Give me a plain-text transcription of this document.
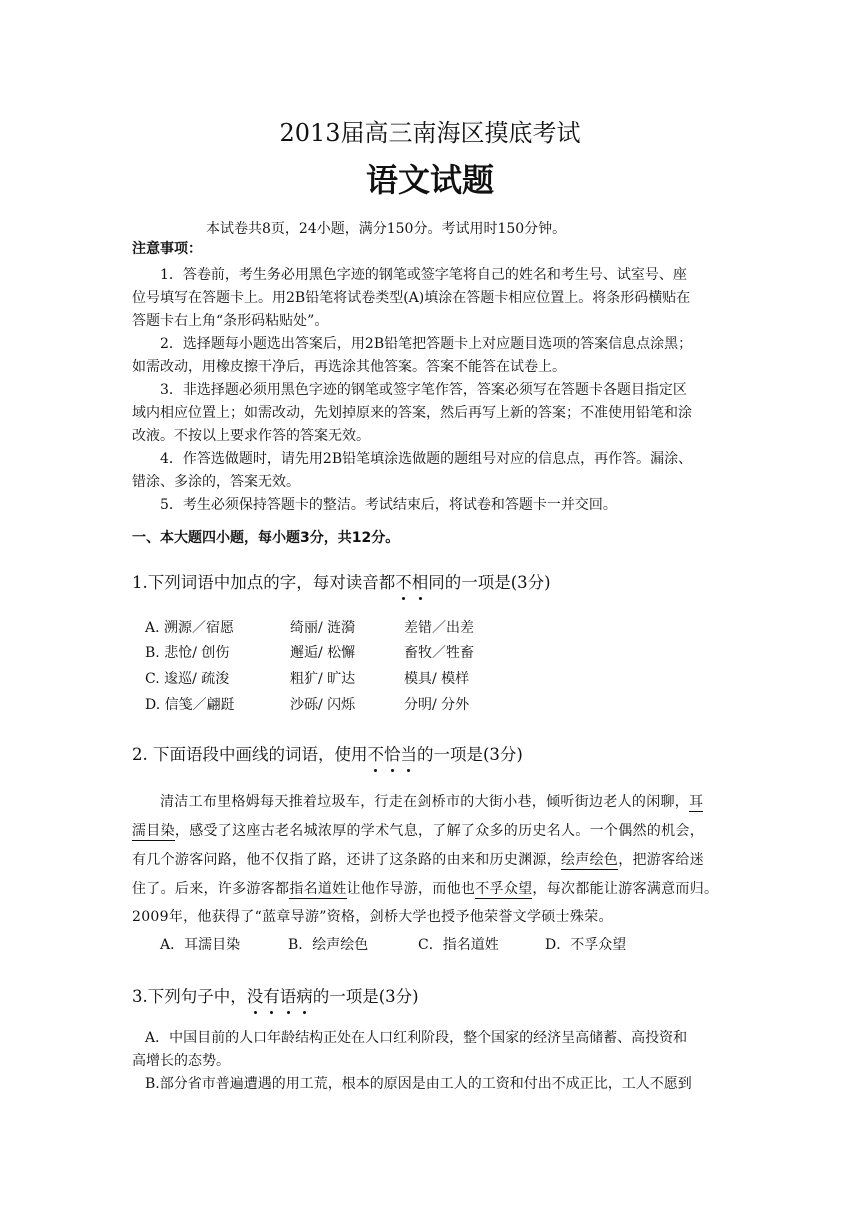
2013届高三南海区摸底考试
语文试题
本试卷共8页，24小题，满分150分。考试用时150分钟。
注意事项：
1．答卷前，考生务必用黑色字迹的钢笔或签字笔将自己的姓名和考生号、试室号、座
位号填写在答题卡上。用2B铅笔将试卷类型(A)填涂在答题卡相应位置上。将条形码横贴在
答题卡右上角“条形码粘贴处”。
2．选择题每小题选出答案后，用2B铅笔把答题卡上对应题目选项的答案信息点涂黑；
如需改动，用橡皮擦干净后，再选涂其他答案。答案不能答在试卷上。
3．非选择题必须用黑色字迹的钢笔或签字笔作答，答案必须写在答题卡各题目指定区
域内相应位置上；如需改动，先划掉原来的答案，然后再写上新的答案；不准使用铅笔和涂
改液。不按以上要求作答的答案无效。
4．作答选做题时，请先用2B铅笔填涂选做题的题组号对应的信息点，再作答。漏涂、
错涂、多涂的，答案无效。
5．考生必须保持答题卡的整洁。考试结束后，将试卷和答题卡一并交回。
一、本大题四小题，每小题3分，共12分。
1.下列词语中加点的字，每对读音都不相同的一项是(3分)
A. 溯源／宿愿	绮丽/ 涟漪	差错／出差
B. 悲怆/ 创伤	邂逅/ 松懈	畜牧／牲畜
C. 逡巡/ 疏浚	粗犷/ 旷达	模具/ 模样
D. 信笺／翩跹	沙砾/ 闪烁	分明/ 分外
2. 下面语段中画线的词语，使用不恰当的一项是(3分)
清洁工布里格姆每天推着垃圾车，行走在剑桥市的大街小巷，倾听街边老人的闲聊，耳
濡目染，感受了这座古老名城浓厚的学术气息，了解了众多的历史名人。一个偶然的机会，
有几个游客问路，他不仅指了路，还讲了这条路的由来和历史渊源，绘声绘色，把游客给迷
住了。后来，许多游客都指名道姓让他作导游，而他也不孚众望，每次都能让游客满意而归。
2009年，他获得了“蓝章导游”资格，剑桥大学也授予他荣誉文学硕士殊荣。
A．耳濡目染	B．绘声绘色	C．指名道姓	D．不孚众望
3.下列句子中，没有语病的一项是(3分)
A．中国目前的人口年龄结构正处在人口红利阶段，整个国家的经济呈高储蓄、高投资和
高增长的态势。
B.部分省市普遍遭遇的用工荒，根本的原因是由工人的工资和付出不成正比，工人不愿到
